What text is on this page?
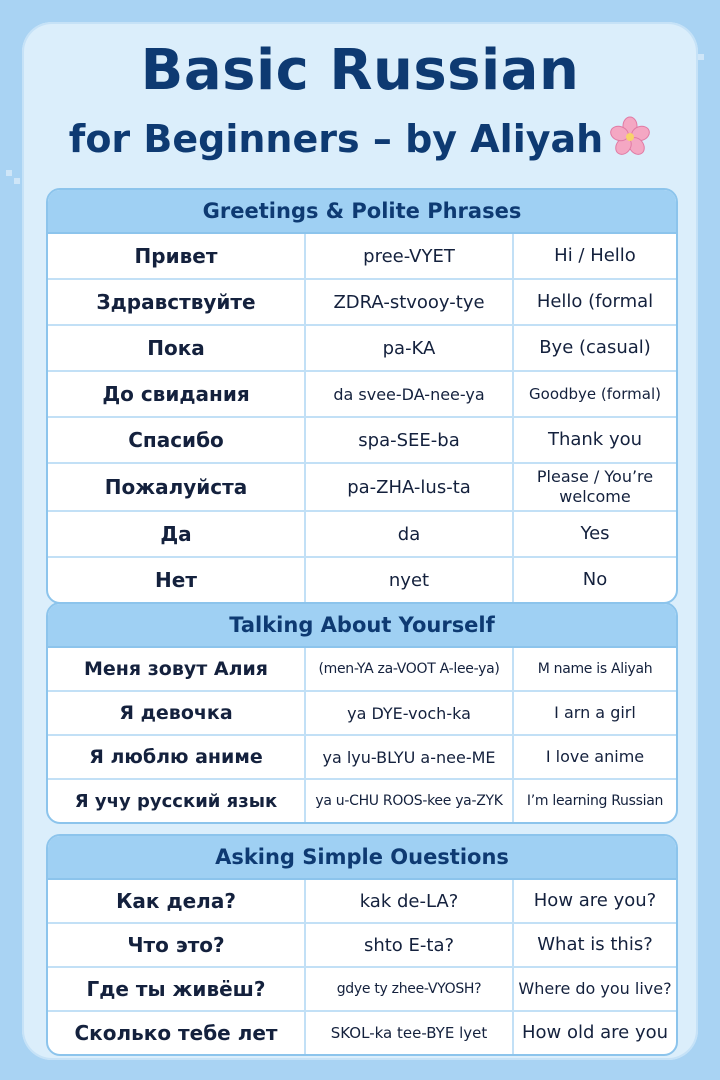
Basic Russian
for Beginners – by Aliyah
Greetings & Polite Phrases
Привет	pree-VYET	Hi / Hello
Здравствуйте	ZDRA-stvooy-tye	Hello (formal
Пока	pa-KA	Bye (casual)
До свидания	da svee-DA-nee-ya	Goodbye (formal)
Спасибо	spa-SEE-ba	Thank you
Пожалуйста	pa-ZHA-lus-ta	Please / You’re welcome
Да	da	Yes
Нет	nyet	No
Talking About Yourself
Меня зовут Алия	(men-YA za-VOOT A-lee-ya)	M name is Aliyah
Я девочка	ya DYE-voch-ka	I arn a girl
Я люблю аниме	ya lyu-BLYU a-nee-ME	I love anime
Я учу русский язык	ya u-CHU ROOS-kee ya-ZYK	I’m learning Russian
Asking Simple Ouestions
Как дела?	kak de-LA?	How are you?
Что это?	shto E-ta?	What is this?
Где ты живёш?	gdye ty zhee-VYOSH?	Where do you live?
Сколько тебе лет	SKOL-ka tee-BYE lyet	How old are you
